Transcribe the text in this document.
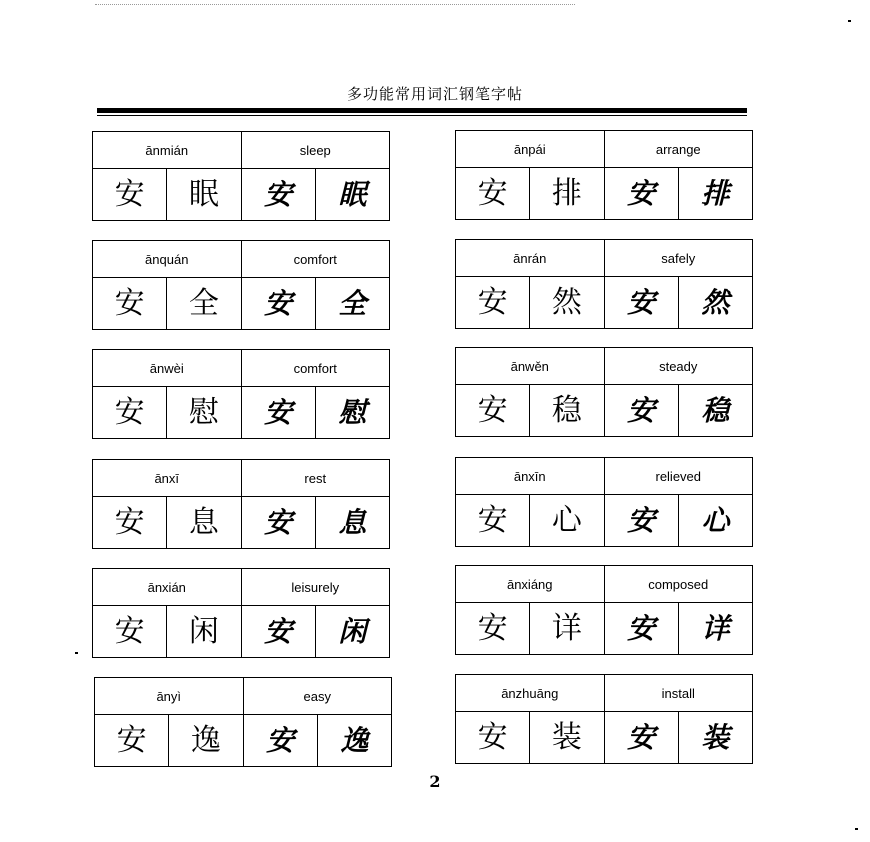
多功能常用词汇钢笔字帖
ānmián	sleep
安	眠	安	眠
ānpái	arrange
安	排	安	排
ānquán	comfort
安	全	安	全
ānrán	safely
安	然	安	然
ānwèi	comfort
安	慰	安	慰
ānwěn	steady
安	稳	安	稳
ānxī	rest
安	息	安	息
ānxīn	relieved
安	心	安	心
ānxián	leisurely
安	闲	安	闲
ānxiáng	composed
安	详	安	详
ānyì	easy
安	逸	安	逸
ānzhuāng	install
安	装	安	装
2
